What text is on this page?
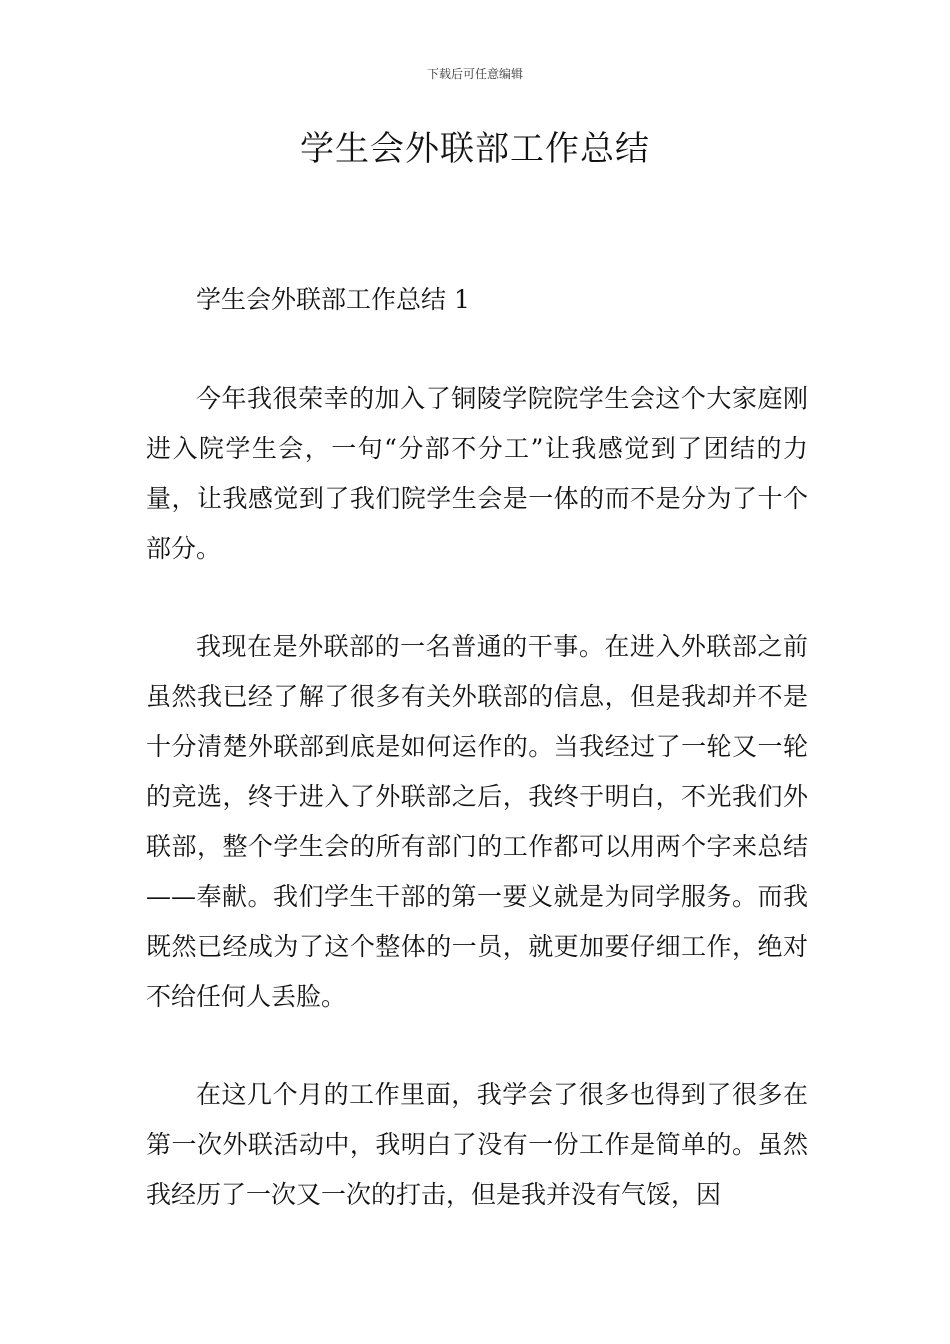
下载后可任意编辑
学生会外联部工作总结
学生会外联部工作总结 1

今年我很荣幸的加入了铜陵学院院学生会这个大家庭刚进入院学生会，一句“分部不分工”让我感觉到了团结的力量，让我感觉到了我们院学生会是一体的而不是分为了十个部分。

我现在是外联部的一名普通的干事。在进入外联部之前虽然我已经了解了很多有关外联部的信息，但是我却并不是十分清楚外联部到底是如何运作的。当我经过了一轮又一轮的竞选，终于进入了外联部之后，我终于明白，不光我们外联部，整个学生会的所有部门的工作都可以用两个字来总结——奉献。我们学生干部的第一要义就是为同学服务。而我既然已经成为了这个整体的一员，就更加要仔细工作，绝对不给任何人丢脸。

在这几个月的工作里面，我学会了很多也得到了很多在第一次外联活动中，我明白了没有一份工作是简单的。虽然我经历了一次又一次的打击，但是我并没有气馁，因
